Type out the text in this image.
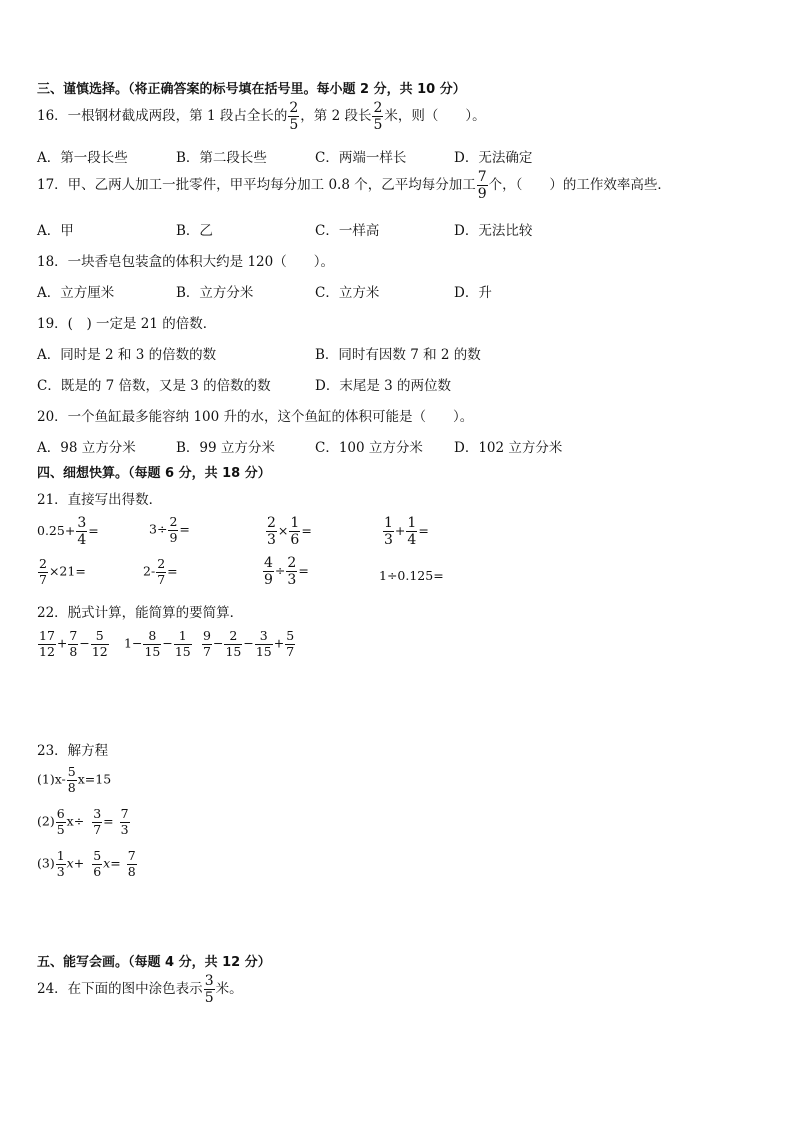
三、谨慎选择。（将正确答案的标号填在括号里。每小题 2 分，共 10 分）
16．一根钢材截成两段，第 1 段占全长的 $\frac{2}{5}$ ，第 2 段长 $\frac{2}{5}$ 米，则（　　）。
A．第一段长些	B．第二段长些	C．两端一样长	D．无法确定
17．甲、乙两人加工一批零件，甲平均每分加工 0.8 个，乙平均每分加工 $\frac{7}{9}$ 个，（　　）的工作效率高些．
A．甲	B．乙	C．一样高	D．无法比较
18．一块香皂包装盒的体积大约是 120（　　）。
A．立方厘米	B．立方分米	C．立方米	D．升
19．(　) 一定是 21 的倍数．
A．同时是 2 和 3 的倍数的数	B．同时有因数 7 和 2 的数
C．既是的 7 倍数，又是 3 的倍数的数	D．末尾是 3 的两位数
20．一个鱼缸最多能容纳 100 升的水，这个鱼缸的体积可能是（　　）。
A．98 立方分米	B．99 立方分米	C．100 立方分米 D．102 立方分米
四、细想快算。（每题 6 分，共 18 分）
21．直接写出得数．
$0.25+ \frac{3}{4}$ =	$3\div \frac{2}{9}$ =	$\frac{2}{3} \times \frac{1}{6}$ =	$\frac{1}{3} + \frac{1}{4}$ =
$\frac{2}{7} \times 21=$	$2- \frac{2}{7}$ =	$\frac{4}{9} \div \frac{2}{3}$ =	1÷0.125=
22．脱式计算，能简算的要简算．
$\frac{17}{12} + \frac{7}{8} - \frac{5}{12} 1- \frac{8}{15} - \frac{1}{15} \frac{9}{7} - \frac{2}{15} - \frac{3}{15} + \frac{5}{7}$
23．解方程
$(1)x- \frac{5}{8} x=15$
$(2) \frac{6}{5} x\div \frac{3}{7} = \frac{7}{3}$
$(3) \frac{1}{3} x+ \frac{5}{6} x= \frac{7}{8}$
五、能写会画。（每题 4 分，共 12 分）
24．在下面的图中涂色表示 $\frac{3}{5}$ 米。
